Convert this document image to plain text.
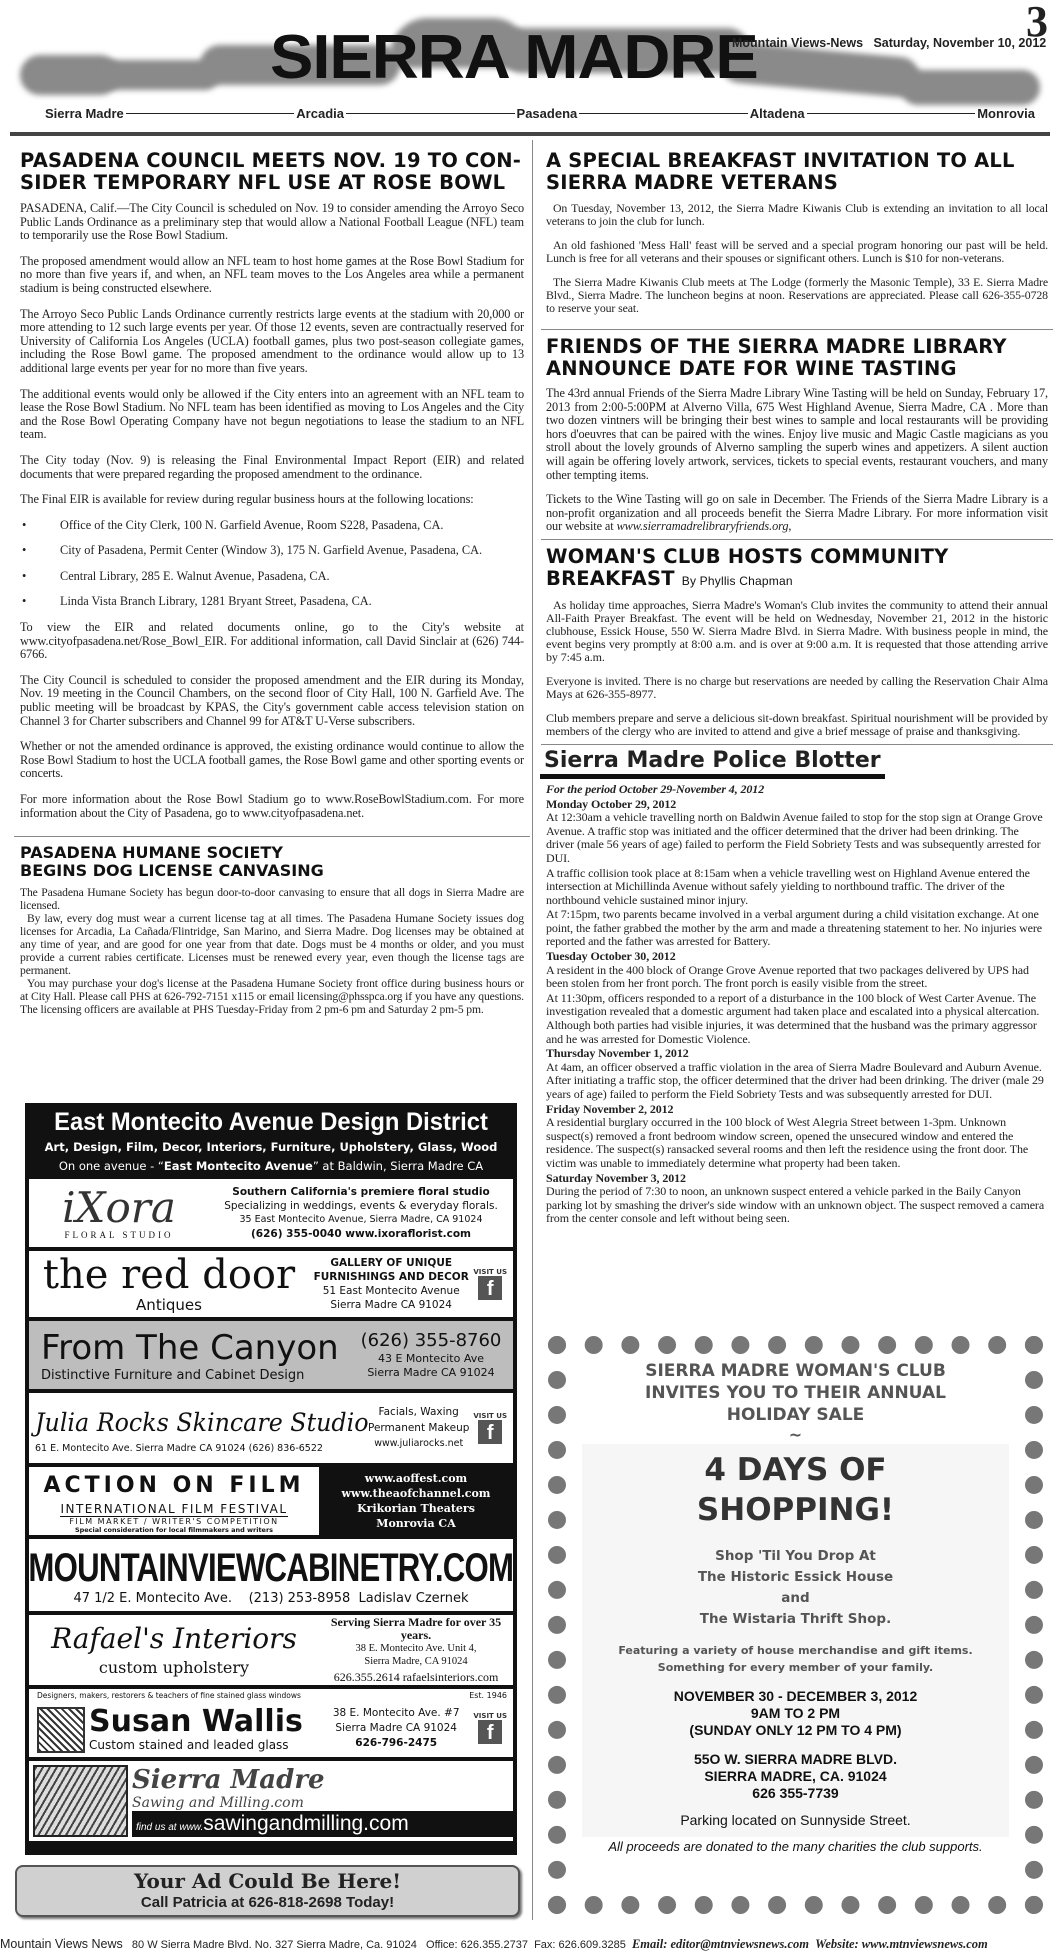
SIERRA MADRE
Mountain Views-News Saturday, November 10, 2012
3
Sierra Madre	Arcadia	Pasadena	Altadena	Monrovia
PASADENA COUNCIL MEETS NOV. 19 TO CON-SIDER TEMPORARY NFL USE AT ROSE BOWL

PASADENA, Calif.—The City Council is scheduled on Nov. 19 to consider amending the Arroyo Seco Public Lands Ordinance as a preliminary step that would allow a National Football League (NFL) team to temporarily use the Rose Bowl Stadium.

The proposed amendment would allow an NFL team to host home games at the Rose Bowl Stadium for no more than five years if, and when, an NFL team moves to the Los Angeles area while a permanent stadium is being constructed elsewhere.

The Arroyo Seco Public Lands Ordinance currently restricts large events at the stadium with 20,000 or more attending to 12 such large events per year. Of those 12 events, seven are contractually reserved for University of California Los Angeles (UCLA) football games, plus two post-season collegiate games, including the Rose Bowl game. The proposed amendment to the ordinance would allow up to 13 additional large events per year for no more than five years.

The additional events would only be allowed if the City enters into an agreement with an NFL team to lease the Rose Bowl Stadium. No NFL team has been identified as moving to Los Angeles and the City and the Rose Bowl Operating Company have not begun negotiations to lease the stadium to an NFL team.

The City today (Nov. 9) is releasing the Final Environmental Impact Report (EIR) and related documents that were prepared regarding the proposed amendment to the ordinance.

The Final EIR is available for review during regular business hours at the following locations:

• Office of the City Clerk, 100 N. Garfield Avenue, Room S228, Pasadena, CA.
• City of Pasadena, Permit Center (Window 3), 175 N. Garfield Avenue, Pasadena, CA.
• Central Library, 285 E. Walnut Avenue, Pasadena, CA.
• Linda Vista Branch Library, 1281 Bryant Street, Pasadena, CA.

To view the EIR and related documents online, go to the City's website at www.cityofpasadena.net/Rose_Bowl_EIR. For additional information, call David Sinclair at (626) 744-6766.

The City Council is scheduled to consider the proposed amendment and the EIR during its Monday, Nov. 19 meeting in the Council Chambers, on the second floor of City Hall, 100 N. Garfield Ave. The public meeting will be broadcast by KPAS, the City's government cable access television station on Channel 3 for Charter subscribers and Channel 99 for AT&T U-Verse subscribers.

Whether or not the amended ordinance is approved, the existing ordinance would continue to allow the Rose Bowl Stadium to host the UCLA football games, the Rose Bowl game and other sporting events or concerts.

For more information about the Rose Bowl Stadium go to www.RoseBowlStadium.com. For more information about the City of Pasadena, go to www.cityofpasadena.net.

PASADENA HUMANE SOCIETY
BEGINS DOG LICENSE CANVASING

The Pasadena Humane Society has begun door-to-door canvasing to ensure that all dogs in Sierra Madre are licensed.

By law, every dog must wear a current license tag at all times. The Pasadena Humane Society issues dog licenses for Arcadia, La Cañada/Flintridge, San Marino, and Sierra Madre. Dog licenses may be obtained at any time of year, and are good for one year from that date. Dogs must be 4 months or older, and you must provide a current rabies certificate. Licenses must be renewed every year, even though the license tags are permanent.

You may purchase your dog's license at the Pasadena Humane Society front office during business hours or at City Hall. Please call PHS at 626-792-7151 x115 or email licensing@phsspca.org if you have any questions. The licensing officers are available at PHS Tuesday-Friday from 2 pm-6 pm and Saturday 2 pm-5 pm.

East Montecito Avenue Design District
Art, Design, Film, Decor, Interiors, Furniture, Upholstery, Glass, Wood
On one avenue - “East Montecito Avenue” at Baldwin, Sierra Madre CA
iXora
FLORAL STUDIO
Southern California's premiere floral studio
Specializing in weddings, events & everyday florals.
35 East Montecito Avenue, Sierra Madre, CA 91024
(626) 355-0040 www.ixoraflorist.com
the red door
Antiques
GALLERY OF UNIQUE
FURNISHINGS AND DECOR
51 East Montecito Avenue
Sierra Madre CA 91024
VISIT US
f
From The Canyon
Distinctive Furniture and Cabinet Design
(626) 355-8760
43 E Montecito Ave
Sierra Madre CA 91024
Julia Rocks Skincare Studio
61 E. Montecito Ave. Sierra Madre CA 91024 (626) 836-6522
Facials, Waxing
Permanent Makeup
www.juliarocks.net
VISIT US
f
ACTION ON FILM
INTERNATIONAL FILM FESTIVAL
FILM MARKET / WRITER'S COMPETITION
Special consideration for local filmmakers and writers
www.aoffest.com
www.theaofchannel.com
Krikorian Theaters
Monrovia CA
MOUNTAINVIEWCABINETRY.COM
47 1/2 E. Montecito Ave.    (213) 253-8958  Ladislav Czernek
Rafael's Interiors
custom upholstery
Serving Sierra Madre for over 35 years.
38 E. Montecito Ave. Unit 4,
Sierra Madre, CA 91024
626.355.2614 rafaelsinteriors.com
Designers, makers, restorers & teachers of fine stained glass windows	Est. 1946
Susan Wallis
Custom stained and leaded glass
38 E. Montecito Ave. #7
Sierra Madre CA 91024
626-796-2475
VISIT US
f
Sierra Madre
Sawing and Milling.com
find us at www.sawingandmilling.com
Your Ad Could Be Here!
Call Patricia at 626-818-2698 Today!
A SPECIAL BREAKFAST INVITATION TO ALL SIERRA MADRE VETERANS

On Tuesday, November 13, 2012, the Sierra Madre Kiwanis Club is extending an invitation to all local veterans to join the club for lunch.

An old fashioned 'Mess Hall' feast will be served and a special program honoring our past will be held. Lunch is free for all veterans and their spouses or significant others. Lunch is $10 for non-veterans.

The Sierra Madre Kiwanis Club meets at The Lodge (formerly the Masonic Temple), 33 E. Sierra Madre Blvd., Sierra Madre. The luncheon begins at noon. Reservations are appreciated. Please call 626-355-0728 to reserve your seat.

FRIENDS OF THE SIERRA MADRE LIBRARY ANNOUNCE DATE FOR WINE TASTING

The 43rd annual Friends of the Sierra Madre Library Wine Tasting will be held on Sunday, February 17, 2013 from 2:00-5:00PM at Alverno Villa, 675 West Highland Avenue, Sierra Madre, CA . More than two dozen vintners will be bringing their best wines to sample and local restaurants will be providing hors d'oeuvres that can be paired with the wines. Enjoy live music and Magic Castle magicians as you stroll about the lovely grounds of Alverno sampling the superb wines and appetizers. A silent auction will again be offering lovely artwork, services, tickets to special events, restaurant vouchers, and many other tempting items.

Tickets to the Wine Tasting will go on sale in December. The Friends of the Sierra Madre Library is a non-profit organization and all proceeds benefit the Sierra Madre Library. For more information visit our website at www.sierramadrelibraryfriends.org,

WOMAN'S CLUB HOSTS COMMUNITY BREAKFAST By Phyllis Chapman

As holiday time approaches, Sierra Madre's Woman's Club invites the community to attend their annual All-Faith Prayer Breakfast. The event will be held on Wednesday, November 21, 2012 in the historic clubhouse, Essick House, 550 W. Sierra Madre Blvd. in Sierra Madre. With business people in mind, the event begins very promptly at 8:00 a.m. and is over at 9:00 a.m. It is requested that those attending arrive by 7:45 a.m.

Everyone is invited. There is no charge but reservations are needed by calling the Reservation Chair Alma Mays at 626-355-8977.

Club members prepare and serve a delicious sit-down breakfast. Spiritual nourishment will be provided by members of the clergy who are invited to attend and give a brief message of praise and thanksgiving.

Sierra Madre Police Blotter

For the period October 29-November 4, 2012

Monday October 29, 2012

At 12:30am a vehicle travelling north on Baldwin Avenue failed to stop for the stop sign at Orange Grove Avenue. A traffic stop was initiated and the officer determined that the driver had been drinking. The driver (male 56 years of age) failed to perform the Field Sobriety Tests and was subsequently arrested for DUI.

A traffic collision took place at 8:15am when a vehicle travelling west on Highland Avenue entered the intersection at Michillinda Avenue without safely yielding to northbound traffic. The driver of the northbound vehicle sustained minor injury.

At 7:15pm, two parents became involved in a verbal argument during a child visitation exchange. At one point, the father grabbed the mother by the arm and made a threatening statement to her. No injuries were reported and the father was arrested for Battery.

Tuesday October 30, 2012

A resident in the 400 block of Orange Grove Avenue reported that two packages delivered by UPS had been stolen from her front porch. The front porch is easily visible from the street.

At 11:30pm, officers responded to a report of a disturbance in the 100 block of West Carter Avenue. The investigation revealed that a domestic argument had taken place and escalated into a physical altercation. Although both parties had visible injuries, it was determined that the husband was the primary aggressor and he was arrested for Domestic Violence.

Thursday November 1, 2012

At 4am, an officer observed a traffic violation in the area of Sierra Madre Boulevard and Auburn Avenue. After initiating a traffic stop, the officer determined that the driver had been drinking. The driver (male 29 years of age) failed to perform the Field Sobriety Tests and was subsequently arrested for DUI.

Friday November 2, 2012

A residential burglary occurred in the 100 block of West Alegria Street between 1-3pm. Unknown suspect(s) removed a front bedroom window screen, opened the unsecured window and entered the residence. The suspect(s) ransacked several rooms and then left the residence using the front door. The victim was unable to immediately determine what property had been taken.

Saturday November 3, 2012

During the period of 7:30 to noon, an unknown suspect entered a vehicle parked in the Baily Canyon parking lot by smashing the driver's side window with an unknown object. The suspect removed a camera from the center console and left without being seen.

SIERRA MADRE WOMAN'S CLUB
INVITES YOU TO THEIR ANNUAL
HOLIDAY SALE
~
4 DAYS OF
SHOPPING!
Shop 'Til You Drop At
The Historic Essick House
and
The Wistaria Thrift Shop.
Featuring a variety of house merchandise and gift items.
Something for every member of your family.
NOVEMBER 30 - DECEMBER 3, 2012
9AM TO 2 PM
(SUNDAY ONLY 12 PM TO 4 PM)
55O W. SIERRA MADRE BLVD.
SIERRA MADRE, CA. 91024
626 355-7739
Parking located on Sunnyside Street.
All proceeds are donated to the many charities the club supports.
Mountain Views News 80 W Sierra Madre Blvd. No. 327 Sierra Madre, Ca. 91024 Office: 626.355.2737 Fax: 626.609.3285 Email: editor@mtnviewsnews.com Website: www.mtnviewsnews.com
